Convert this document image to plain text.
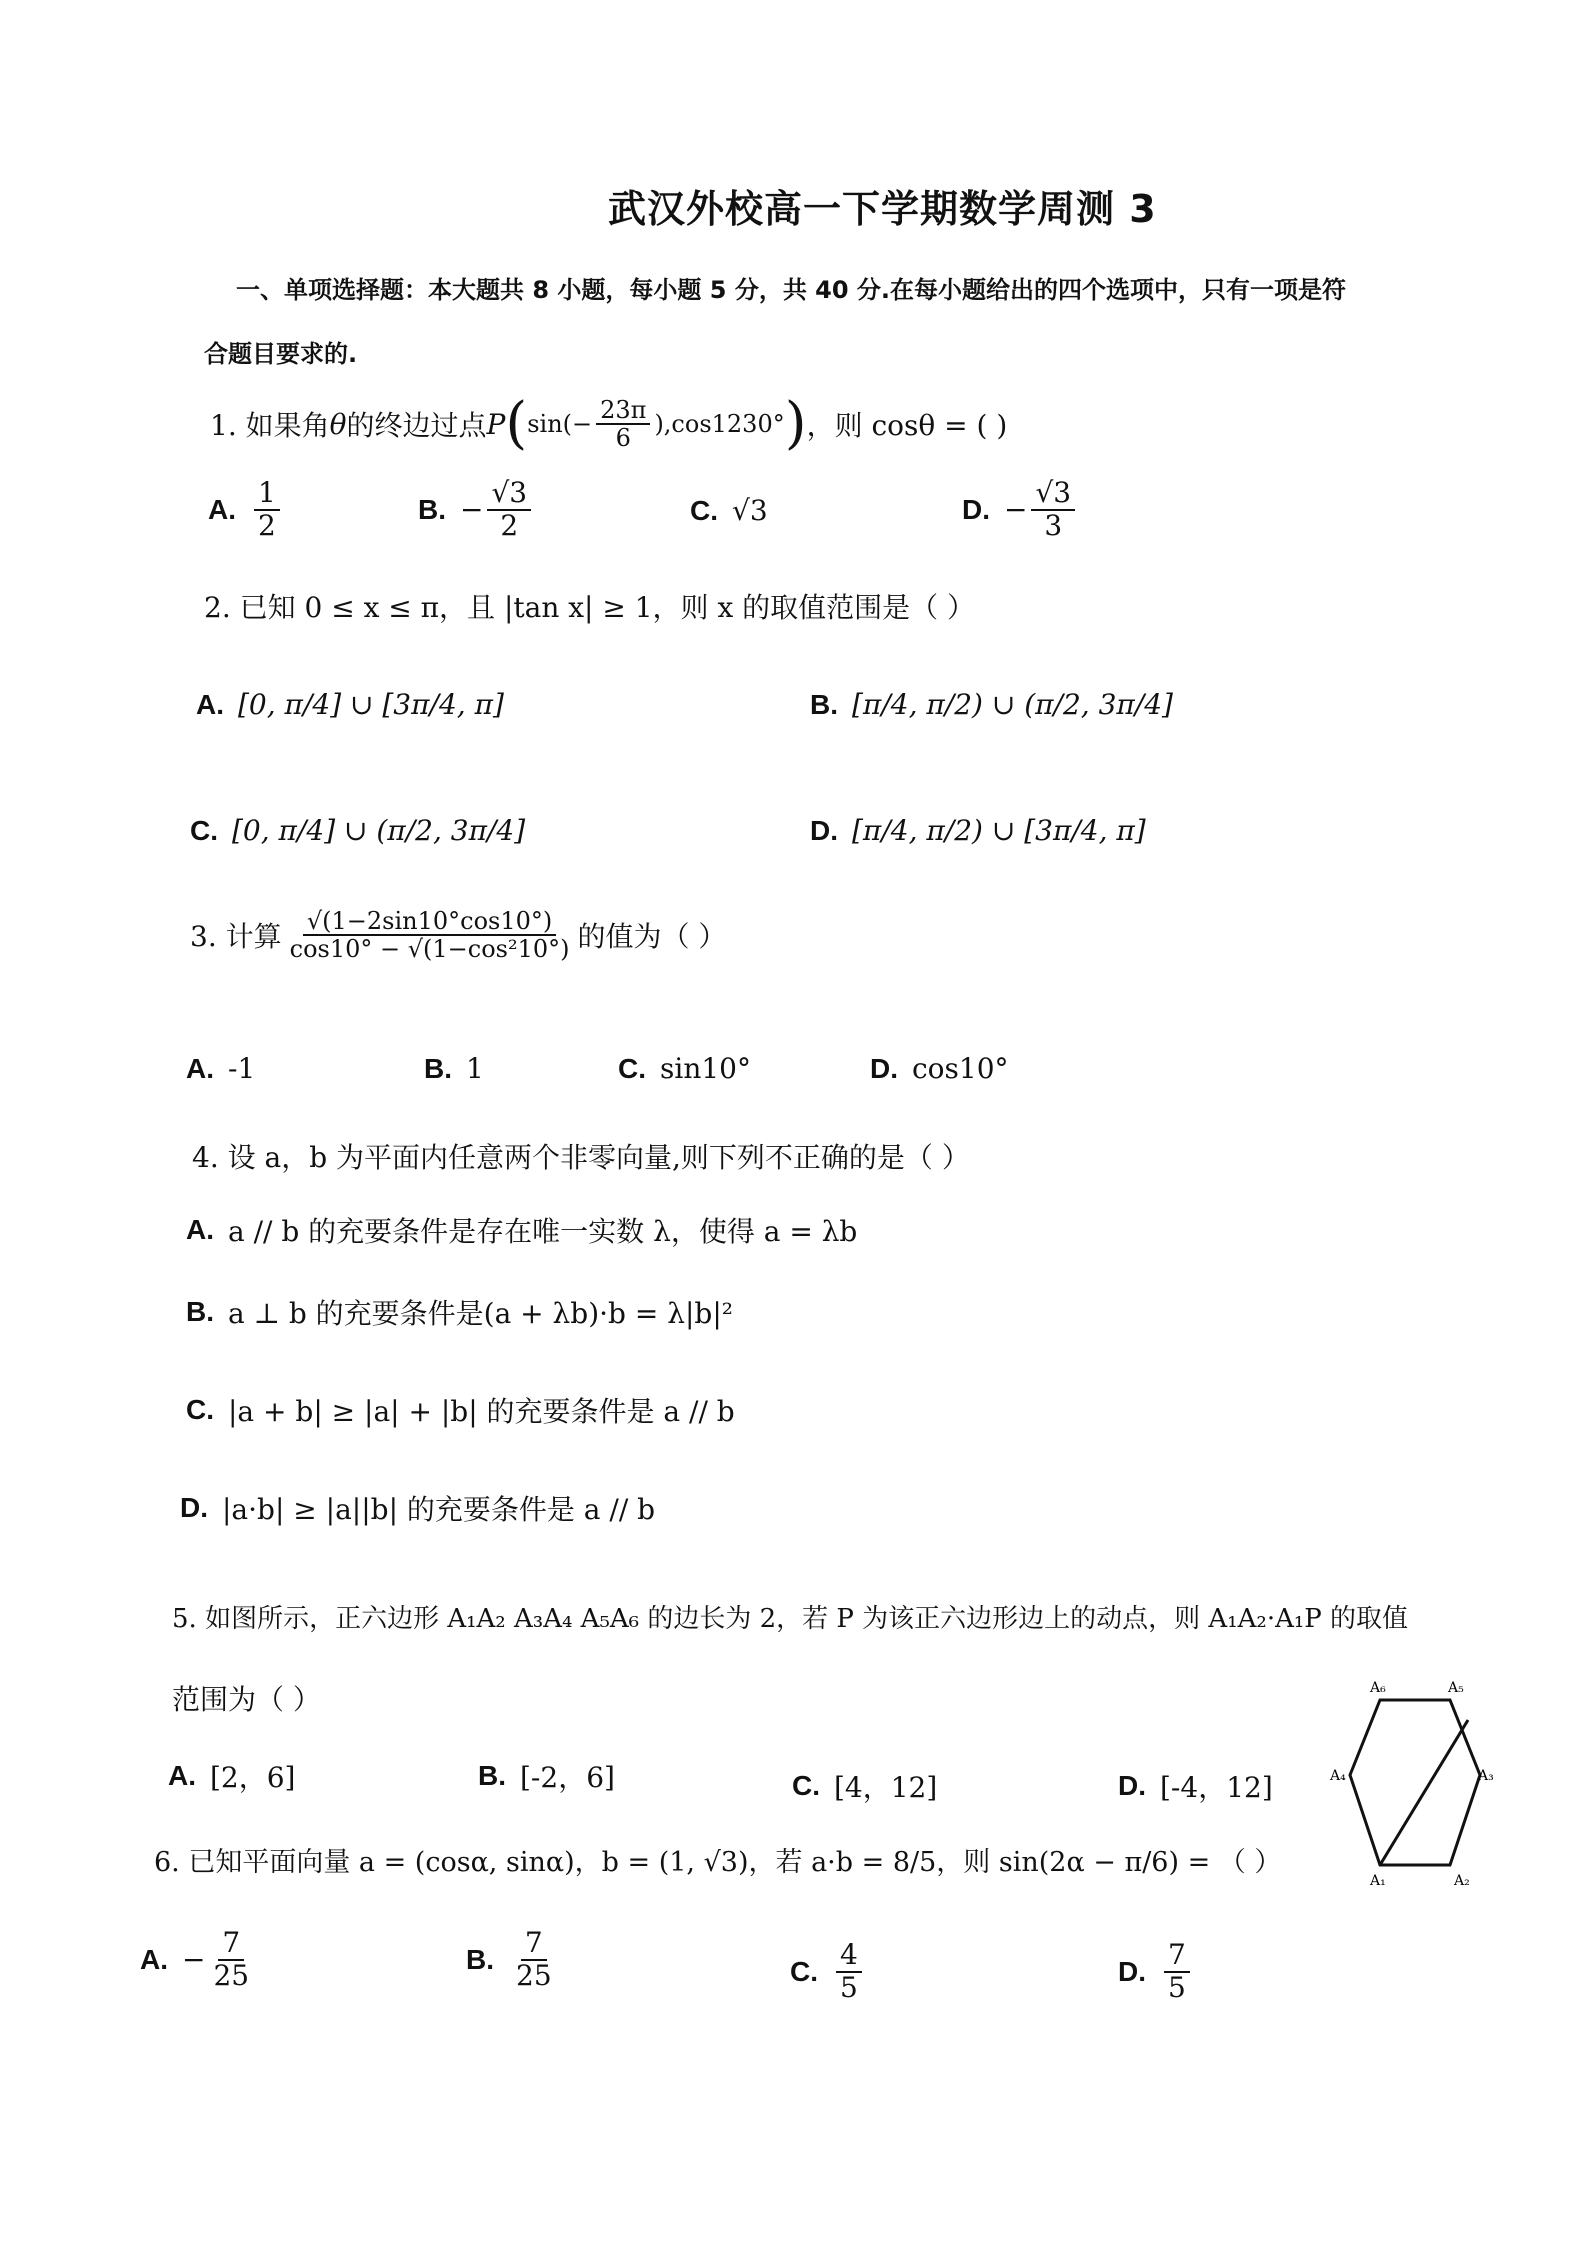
武汉外校高一下学期数学周测 3
一、单项选择题：本大题共 8 小题，每小题 5 分，共 40 分.在每小题给出的四个选项中，只有一项是符
合题目要求的.
1. 如果角 θ 的终边过点 P ( $\sin(- \frac{23\pi}{6} ),\cos 1230^\circ$ ) ，则 cosθ = ( )
A. $\frac{1}{2}$	B. − $\frac{√3}{2}$	C. √3	D. − $\frac{√3}{3}$
2. 已知 0 ≤ x ≤ π，且 |tan x| ≥ 1，则 x 的取值范围是（ ）
A. [0, π/4] ∪ [3π/4, π]	B. [π/4, π/2) ∪ (π/2, 3π/4]
C. [0, π/4] ∪ (π/2, 3π/4]	D. [π/4, π/2) ∪ [3π/4, π]
3. 计算 $\frac{√(1-2\sin 10^\circ\cos 10^\circ)}{\text{cos10° − √(1−cos²10°)}}$ 的值为（ ）
A. -1	B. 1	C. sin10°	D. cos10°
4. 设 a，b 为平面内任意两个非零向量,则下列不正确的是（ ）
A. a // b 的充要条件是存在唯一实数 λ，使得 a = λb
B. a ⊥ b 的充要条件是(a + λb)·b = λ|b|²
C. |a + b| ≥ |a| + |b| 的充要条件是 a // b
D. |a·b| ≥ |a||b| 的充要条件是 a // b
5. 如图所示，正六边形 A₁A₂ A₃A₄ A₅A₆ 的边长为 2，若 P 为该正六边形边上的动点，则 A₁A₂·A₁P 的取值
范围为（ ）
A. [2，6]	B. [-2，6]	C. [4，12]	D. [-4，12]
A₆	A₅
A₃
A₄
A₁	A₂
6. 已知平面向量 a = (cosα, sinα)，b = (1, √3)，若 a·b = 8/5，则 sin(2α − π/6) = （ ）
A. − $\frac{7}{25}$	B. $\frac{7}{25}$	C. $\frac{4}{5}$	D. $\frac{7}{5}$
